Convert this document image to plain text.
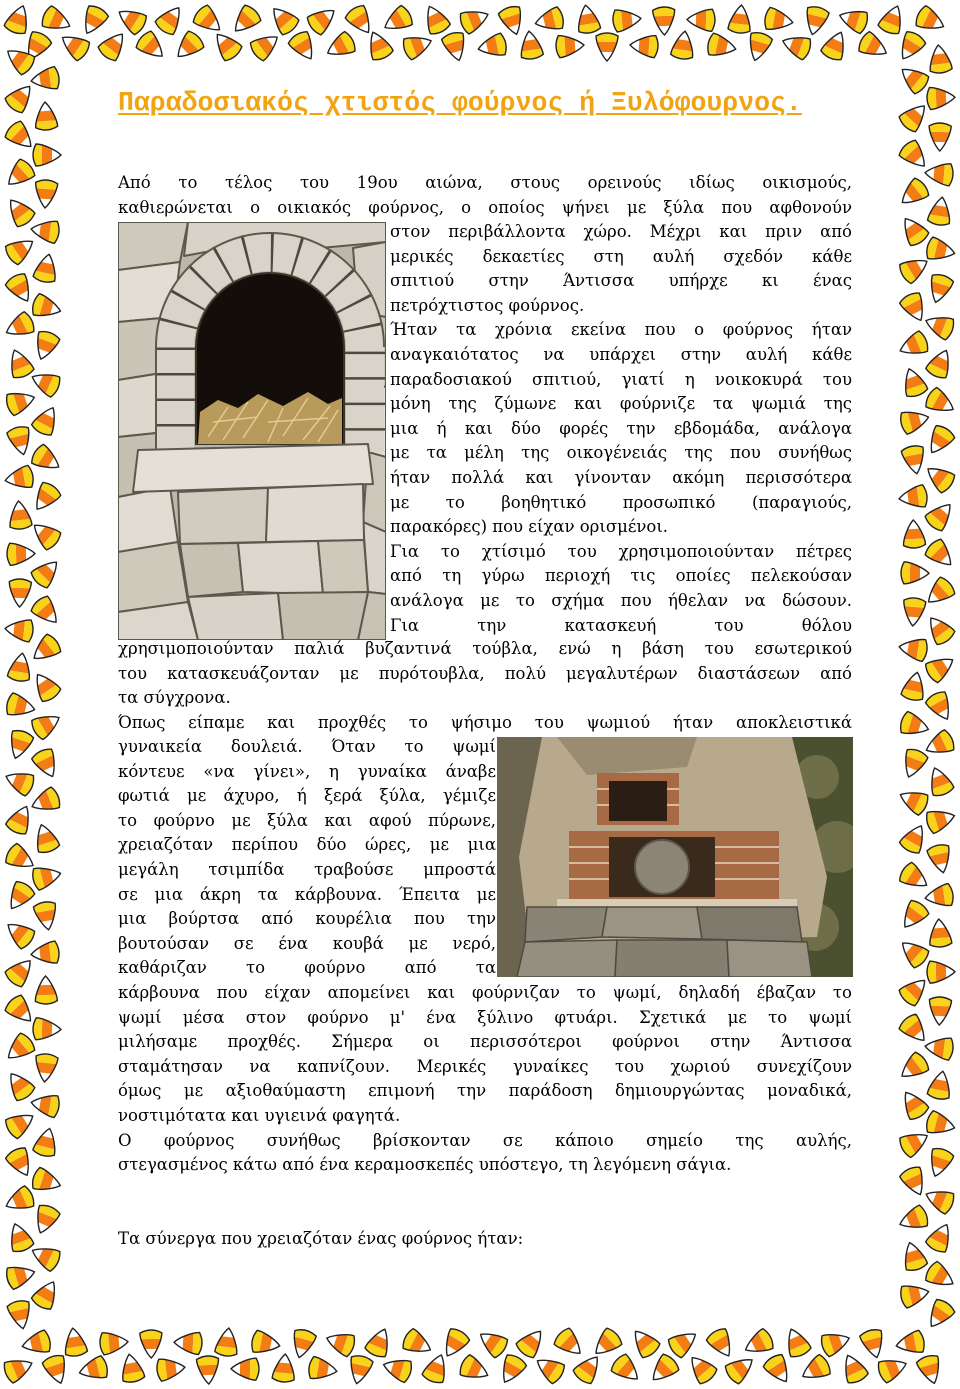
Παραδοσιακός χτιστός φούρνος ή Ξυλόφουρνος.
Από το τέλος του 19ου αιώνα, στους ορεινούς ιδίως οικισμούς,
καθιερώνεται ο οικιακός φούρνος, ο οποίος ψήνει με ξύλα που αφθονούν
στον περιβάλλοντα χώρο. Μέχρι και πριν από
μερικές δεκαετίες στη αυλή σχεδόν κάθε
σπιτιού στην Άντισσα υπήρχε κι ένας
πετρόχτιστος φούρνος.
Ήταν τα χρόνια εκείνα που ο φούρνος ήταν
αναγκαιότατος να υπάρχει στην αυλή κάθε
παραδοσιακού σπιτιού, γιατί η νοικοκυρά του
μόνη της ζύμωνε και φούρνιζε τα ψωμιά της
μια ή και δύο φορές την εβδομάδα, ανάλογα
με τα μέλη της οικογένειάς της που συνήθως
ήταν πολλά και γίνονταν ακόμη περισσότερα
με το βοηθητικό προσωπικό (παραγιούς,
παρακόρες) που είχαν ορισμένοι.
Για το χτίσιμό του χρησιμοποιούνταν πέτρες
από τη γύρω περιοχή τις οποίες πελεκούσαν
ανάλογα με το σχήμα που ήθελαν να δώσουν.
Για την κατασκευή του θόλου
χρησιμοποιούνταν παλιά βυζαντινά τούβλα, ενώ η βάση του εσωτερικού
του κατασκευάζονταν με πυρότουβλα, πολύ μεγαλυτέρων διαστάσεων από
τα σύγχρονα.
Όπως είπαμε και προχθές το ψήσιμο του ψωμιού ήταν αποκλειστικά
γυναικεία δουλειά. Όταν το ψωμί
κόντευε «να γίνει», η γυναίκα άναβε
φωτιά με άχυρο, ή ξερά ξύλα, γέμιζε
το φούρνο με ξύλα και αφού πύρωνε,
χρειαζόταν περίπου δύο ώρες, με μια
μεγάλη τσιμπίδα τραβούσε μπροστά
σε μια άκρη τα κάρβουνα. Έπειτα με
μια βούρτσα από κουρέλια που την
βουτούσαν σε ένα κουβά με νερό,
καθάριζαν το φούρνο από τα
κάρβουνα που είχαν απομείνει και φούρνιζαν το ψωμί, δηλαδή έβαζαν το
ψωμί μέσα στον φούρνο μ' ένα ξύλινο φτυάρι. Σχετικά με το ψωμί
μιλήσαμε προχθές. Σήμερα οι περισσότεροι φούρνοι στην Άντισσα
σταμάτησαν να καπνίζουν. Μερικές γυναίκες του χωριού συνεχίζουν
όμως με αξιοθαύμαστη επιμονή την παράδοση δημιουργώντας μοναδικά,
νοστιμότατα και υγιεινά φαγητά.
Ο φούρνος συνήθως βρίσκονταν σε κάποιο σημείο της αυλής,
στεγασμένος κάτω από ένα κεραμοσκεπές υπόστεγο, τη λεγόμενη σάγια.
Τα σύνεργα που χρειαζόταν ένας φούρνος ήταν:
